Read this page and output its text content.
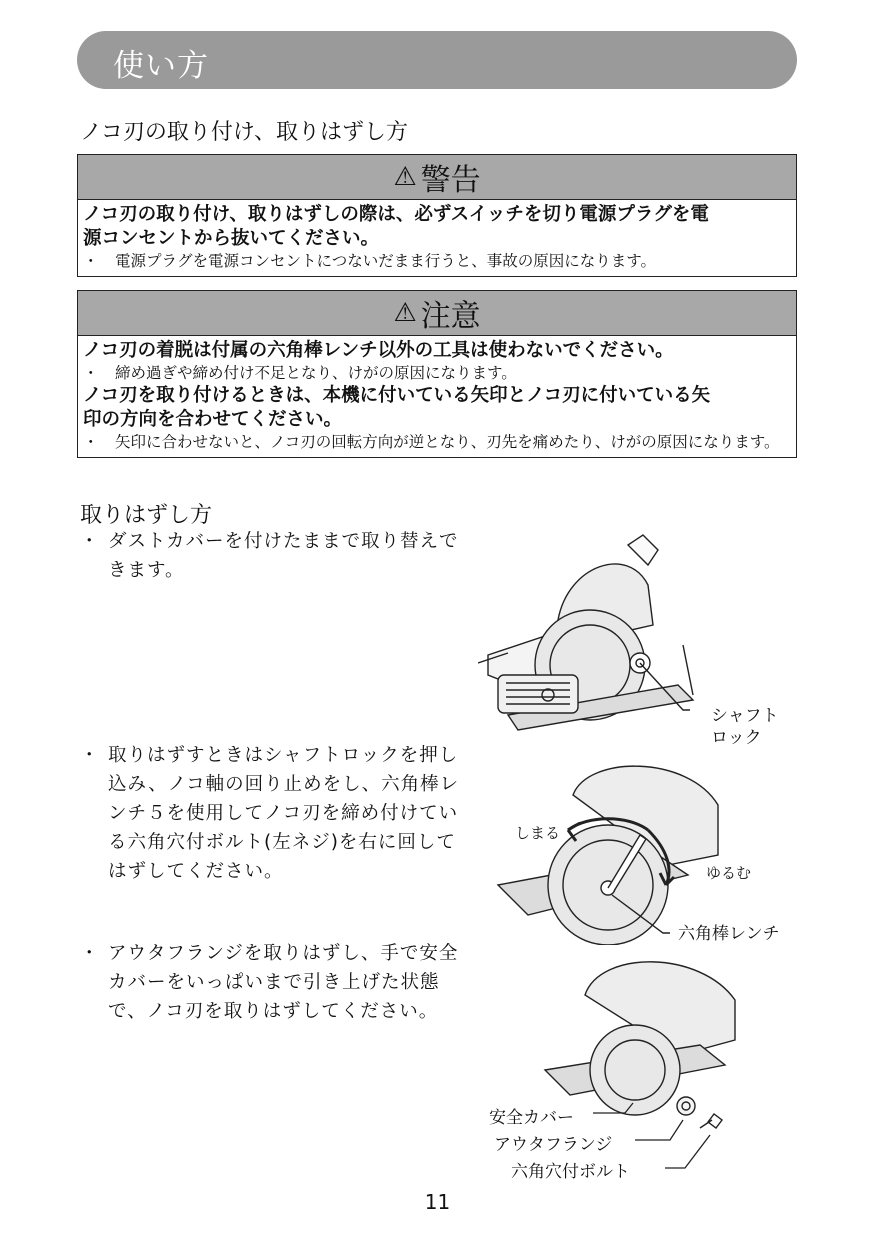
使い方
ノコ刃の取り付け、取りはずし方
⚠ 警告
ノコ刃の取り付け、取りはずしの際は、必ずスイッチを切り電源プラグを電
源コンセントから抜いてください。
・ 電源プラグを電源コンセントにつないだまま行うと、事故の原因になります。
⚠ 注意
ノコ刃の着脱は付属の六角棒レンチ以外の工具は使わないでください。
・ 締め過ぎや締め付け不足となり、けがの原因になります。
ノコ刃を取り付けるときは、本機に付いている矢印とノコ刃に付いている矢
印の方向を合わせてください。
・ 矢印に合わせないと、ノコ刃の回転方向が逆となり、刃先を痛めたり、けがの原因になります。
取りはずし方
・ ダストカバーを付けたままで取り替えできます。
・ 取りはずすときはシャフトロックを押し込み、ノコ軸の回り止めをし、六角棒レンチ５を使用してノコ刃を締め付けている六角穴付ボルト(左ネジ)を右に回してはずしてください。
・ アウタフランジを取りはずし、手で安全カバーをいっぱいまで引き上げた状態で、ノコ刃を取りはずしてください。
シャフト
ロック
しまる
ゆるむ
六角棒レンチ
安全カバー
アウタフランジ
六角穴付ボルト
11
